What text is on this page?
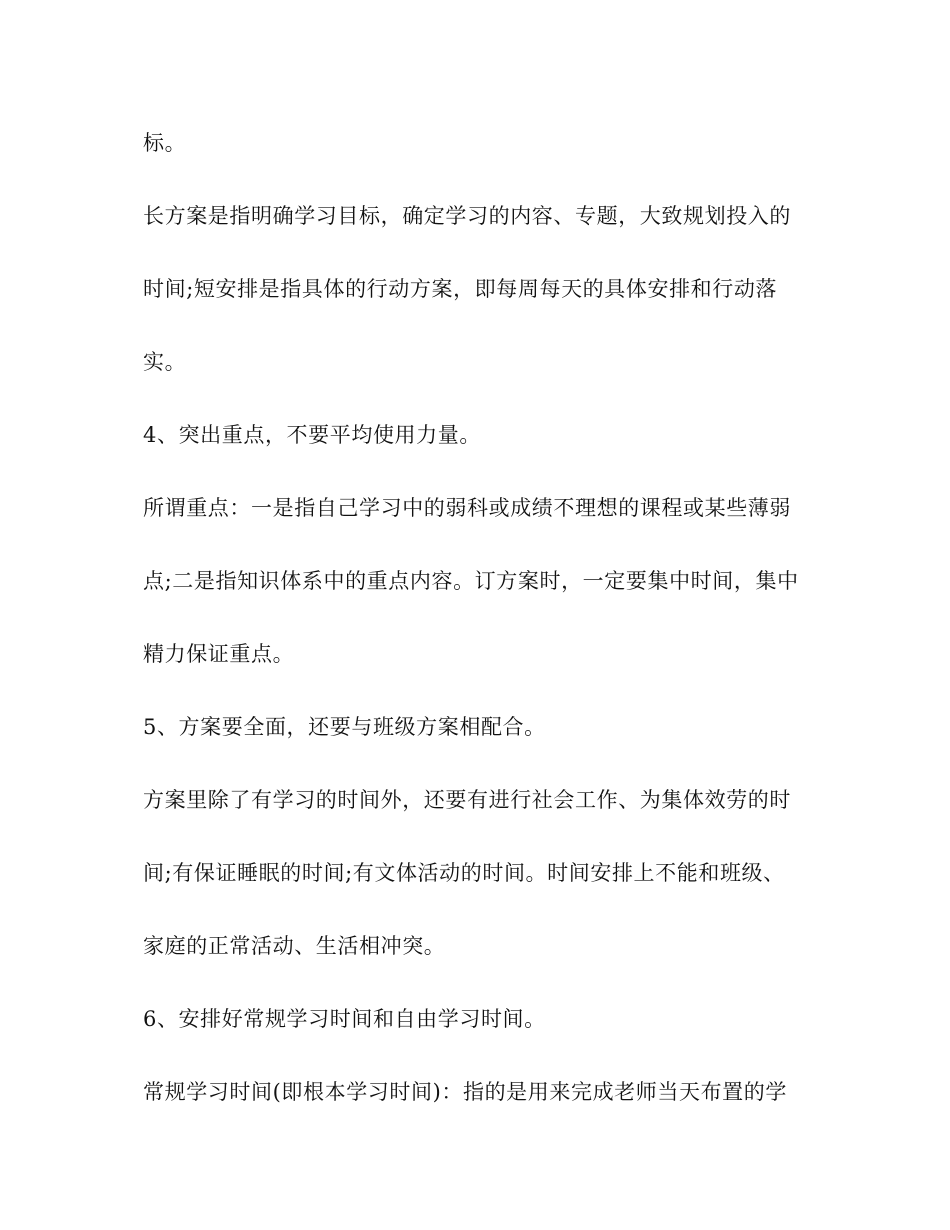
标。

长方案是指明确学习目标，确定学习的内容、专题，大致规划投入的

时间;短安排是指具体的行动方案，即每周每天的具体安排和行动落

实。

4、突出重点，不要平均使用力量。

所谓重点：一是指自己学习中的弱科或成绩不理想的课程或某些薄弱

点;二是指知识体系中的重点内容。订方案时，一定要集中时间，集中

精力保证重点。

5、方案要全面，还要与班级方案相配合。

方案里除了有学习的时间外，还要有进行社会工作、为集体效劳的时

间;有保证睡眠的时间;有文体活动的时间。时间安排上不能和班级、

家庭的正常活动、生活相冲突。

6、安排好常规学习时间和自由学习时间。

常规学习时间(即根本学习时间)：指的是用来完成老师当天布置的学
